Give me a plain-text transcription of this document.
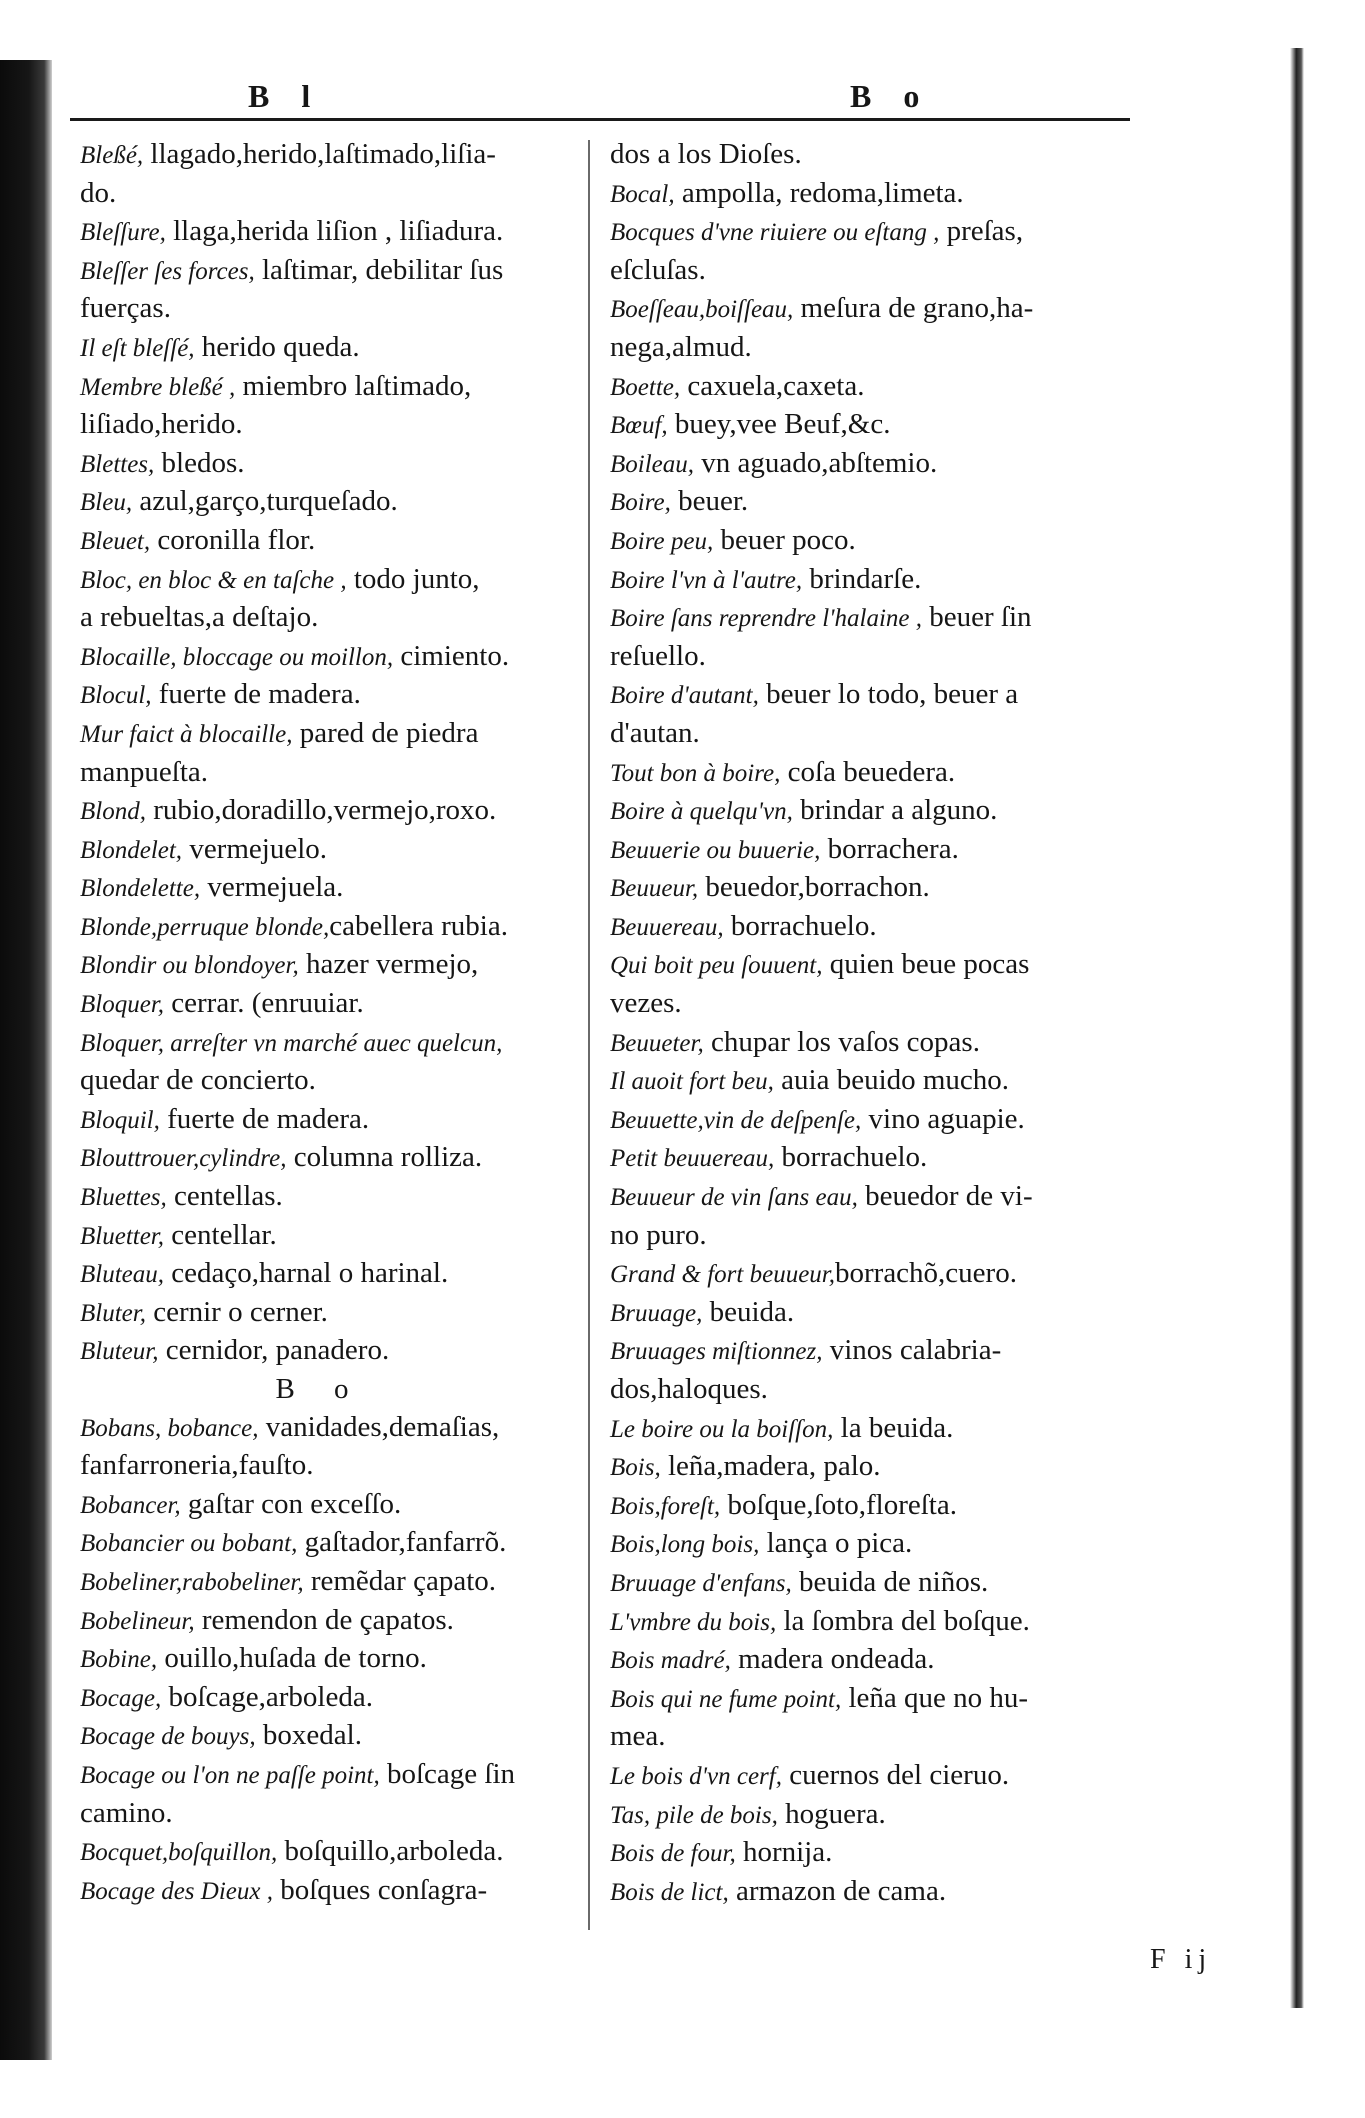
B l	B o
Bleßé, llagado,herido,laſtimado,liſia-
do.
Bleſſure, llaga,herida liſion , liſiadura.
Bleſſer ſes forces, laſtimar, debilitar ſus
fuerças.
Il eſt bleſſé, herido queda.
Membre bleßé , miembro laſtimado,
liſiado,herido.
Blettes, bledos.
Bleu, azul,garço,turqueſado.
Bleuet, coronilla flor.
Bloc, en bloc & en taſche , todo junto,
a rebueltas,a deſtajo.
Blocaille, bloccage ou moillon, cimiento.
Blocul, fuerte de madera.
Mur faict à blocaille, pared de piedra
manpueſta.
Blond, rubio,doradillo,vermejo,roxo.
Blondelet, vermejuelo.
Blondelette, vermejuela.
Blonde,perruque blonde,cabellera rubia.
Blondir ou blondoyer, hazer vermejo,
Bloquer, cerrar. (enruuiar.
Bloquer, arreſter vn marché auec quelcun,
quedar de concierto.
Bloquil, fuerte de madera.
Blouttrouer,cylindre, columna rolliza.
Bluettes, centellas.
Bluetter, centellar.
Bluteau, cedaço,harnal o harinal.
Bluter, cernir o cerner.
Bluteur, cernidor, panadero.
B o
Bobans, bobance, vanidades,demaſias,
fanfarroneria,fauſto.
Bobancer, gaſtar con exceſſo.
Bobancier ou bobant, gaſtador,fanfarrõ.
Bobeliner,rabobeliner, remẽdar çapato.
Bobelineur, remendon de çapatos.
Bobine, ouillo,huſada de torno.
Bocage, boſcage,arboleda.
Bocage de bouys, boxedal.
Bocage ou l'on ne paſſe point, boſcage ſin
camino.
Bocquet,boſquillon, boſquillo,arboleda.
Bocage des Dieux , boſques conſagra-
dos a los Dioſes.
Bocal, ampolla, redoma,limeta.
Bocques d'vne riuiere ou eſtang , preſas,
eſcluſas.
Boeſſeau,boiſſeau, meſura de grano,ha-
nega,almud.
Boette, caxuela,caxeta.
Bœuf, buey,vee Beuf,&c.
Boileau, vn aguado,abſtemio.
Boire, beuer.
Boire peu, beuer poco.
Boire l'vn à l'autre, brindarſe.
Boire ſans reprendre l'halaine , beuer ſin
reſuello.
Boire d'autant, beuer lo todo, beuer a
d'autan.
Tout bon à boire, coſa beuedera.
Boire à quelqu'vn, brindar a alguno.
Beuuerie ou buuerie, borrachera.
Beuueur, beuedor,borrachon.
Beuuereau, borrachuelo.
Qui boit peu ſouuent, quien beue pocas
vezes.
Beuueter, chupar los vaſos copas.
Il auoit fort beu, auia beuido mucho.
Beuuette,vin de deſpenſe, vino aguapie.
Petit beuuereau, borrachuelo.
Beuueur de vin ſans eau, beuedor de vi-
no puro.
Grand & fort beuueur,borrachõ,cuero.
Bruuage, beuida.
Bruuages miſtionnez, vinos calabria-
dos,haloques.
Le boire ou la boiſſon, la beuida.
Bois, leña,madera, palo.
Bois,foreſt, boſque,ſoto,floreſta.
Bois,long bois, lança o pica.
Bruuage d'enfans, beuida de niños.
L'vmbre du bois, la ſombra del boſque.
Bois madré, madera ondeada.
Bois qui ne fume point, leña que no hu-
mea.
Le bois d'vn cerf, cuernos del cieruo.
Tas, pile de bois, hoguera.
Bois de four, hornija.
Bois de lict, armazon de cama.
F ij
